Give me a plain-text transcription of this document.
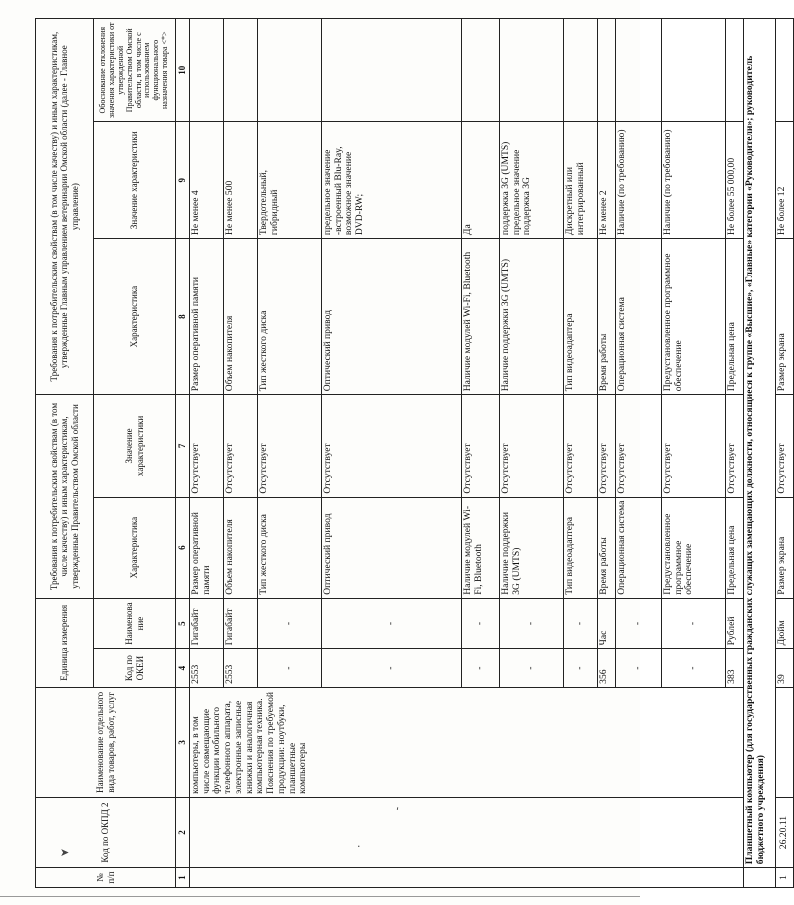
№ п/п	Код по ОКПД 2	Наименование отдельного вида товаров, работ, услуг	Единица измерения		Требования к потребительским свойствам (в том числе качеству) и иным характеристикам, утвержденные Правительством Омской области		Требования к потребительским свойствам (в том числе качеству) и иным характеристикам, утвержденные Главным управлением ветеринарии Омской области (далее - Главное управление)		
			Код по ОКЕИ	Наименова ние	Характеристика	Значение характеристики	Характеристика	Значение характеристики	Обоснование отклонения значения характеристики от утвержденной Правительством Омской области, в том числе с использованием функционального назначения товара <*>
1	2	3	4	5	6	7	8	9	10
		компьютеры, в том числе совмещающие функции мобильного телефонного аппарата, электронные записные книжки и аналогичная компьютерная техника. Пояснения по требуемой продукции: ноутбуки, планшетные компьютеры	2553	Гигабайт	Размер оперативной памяти	Отсутствует	Размер оперативной памяти	Не менее 4	
			2553	Гигабайт	Объем накопителя	Отсутствует	Объем накопителя	Не менее 500	
			-	-	Тип жесткого диска	Отсутствует	Тип жесткого диска	Твердотельный, гибридный	
			-	-	Оптический привод	Отсутствует	Оптический привод	предельное значение -встроенный Blu-Ray, возможное значение DVD-RW;	
			-	-	Наличие модулей Wi-Fi, Bluetooth	Отсутствует	Наличие модулей Wi-Fi, Bluetooth	Да	
			-	-	Наличие поддержки 3G (UMTS)	Отсутствует	Наличие поддержки 3G (UMTS)	поддержка 3G (UMTS) предельное значение поддержка 3G	
			-	-	Тип видеоадаптера	Отсутствует	Тип видеоадаптера	Дискретный или интегрированный	
			356	Час	Время работы	Отсутствует	Время работы	Не менее 2	
			-	-	Операционная система	Отсутствует	Операционная система	Наличие (по требованию)	
			-	-	Предустановленное программное обеспечение	Отсутствует	Предустановленное программное обеспечение	Наличие (по требованию)	
			383	Рублей	Предельная цена	Отсутствует	Предельная цена	Не более 55 000,00	
	Планшетный компьютер (для государственных гражданских служащих замещающих должности, относящиеся к группе «Высшие», «Главные» категории «Руководители»; руководитель бюджетного учреждения)								
1	26.20.11		39	Дюйм	Размер экрана	Отсутствует	Размер экрана	Не более 12	
ʹ
·
➤
